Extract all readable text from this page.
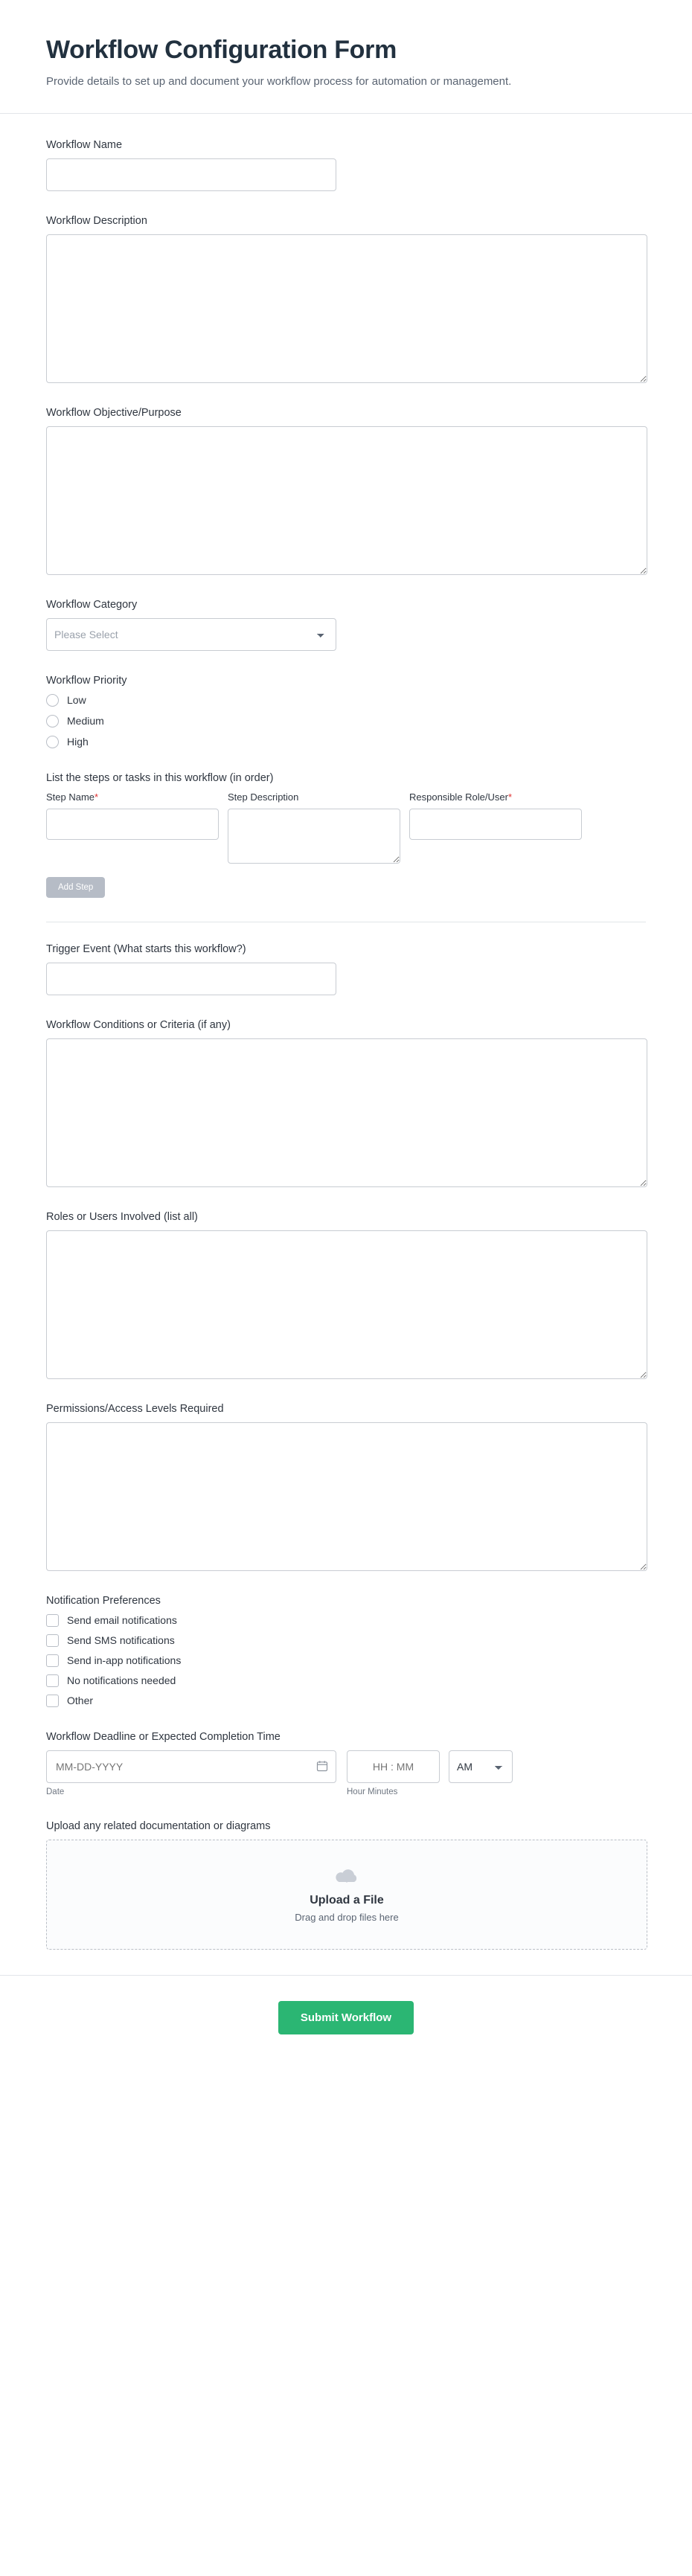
Workflow Configuration Form

Provide details to set up and document your workflow process for automation or management.

Workflow Name
Workflow Description
Workflow Objective/Purpose
Workflow Category
Please Select
Workflow Priority
Low
Medium
High
List the steps or tasks in this workflow (in order)
Step Name*	Step Description	Responsible Role/User*
Add Step
Trigger Event (What starts this workflow?)
Workflow Conditions or Criteria (if any)
Roles or Users Involved (list all)
Permissions/Access Levels Required
Notification Preferences
Send email notifications
Send SMS notifications
Send in-app notifications
No notifications needed
Other
Workflow Deadline or Expected Completion Time
MM-DD-YYYY
Date
HH : MM	Hour Minutes
AM
Upload any related documentation or diagrams
Upload a File
Drag and drop files here
Submit Workflow
